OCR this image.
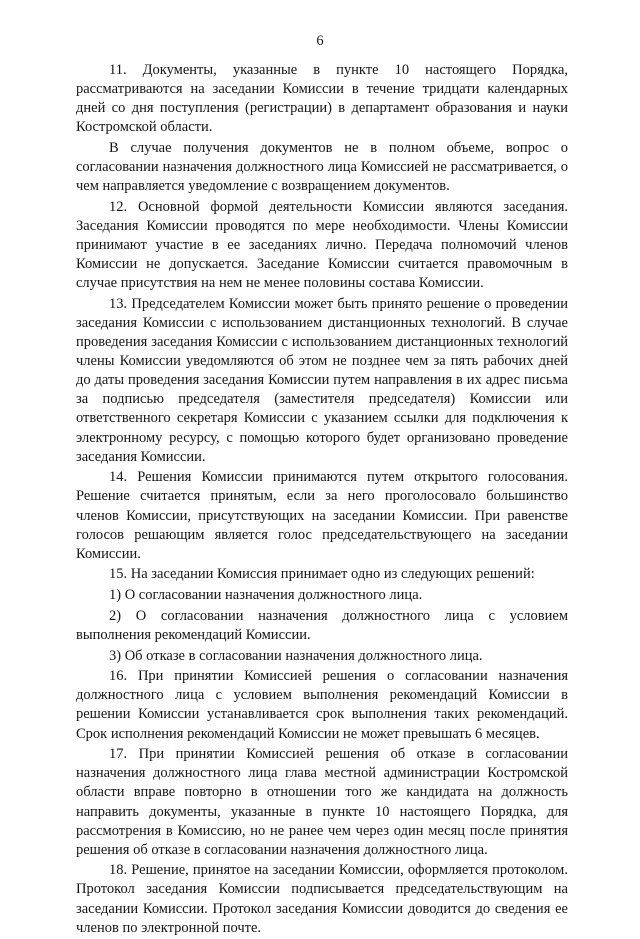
6

11. Документы, указанные в пункте 10 настоящего Порядка, рассматриваются на заседании Комиссии в течение тридцати календарных дней со дня поступления (регистрации) в департамент образования и науки Костромской области.

В случае получения документов не в полном объеме, вопрос о согласовании назначения должностного лица Комиссией не рассматривается, о чем направляется уведомление с возвращением документов.

12. Основной формой деятельности Комиссии являются заседания. Заседания Комиссии проводятся по мере необходимости. Члены Комиссии принимают участие в ее заседаниях лично. Передача полномочий членов Комиссии не допускается. Заседание Комиссии считается правомочным в случае присутствия на нем не менее половины состава Комиссии.

13. Председателем Комиссии может быть принято решение о проведении заседания Комиссии с использованием дистанционных технологий. В случае проведения заседания Комиссии с использованием дистанционных технологий члены Комиссии уведомляются об этом не позднее чем за пять рабочих дней до даты проведения заседания Комиссии путем направления в их адрес письма за подписью председателя (заместителя председателя) Комиссии или ответственного секретаря Комиссии с указанием ссылки для подключения к электронному ресурсу, с помощью которого будет организовано проведение заседания Комиссии.

14. Решения Комиссии принимаются путем открытого голосования. Решение считается принятым, если за него проголосовало большинство членов Комиссии, присутствующих на заседании Комиссии. При равенстве голосов решающим является голос председательствующего на заседании Комиссии.

15. На заседании Комиссия принимает одно из следующих решений:

1) О согласовании назначения должностного лица.

2) О согласовании назначения должностного лица с условием выполнения рекомендаций Комиссии.

3) Об отказе в согласовании назначения должностного лица.

16. При принятии Комиссией решения о согласовании назначения должностного лица с условием выполнения рекомендаций Комиссии в решении Комиссии устанавливается срок выполнения таких рекомендаций. Срок исполнения рекомендаций Комиссии не может превышать 6 месяцев.

17. При принятии Комиссией решения об отказе в согласовании назначения должностного лица глава местной администрации Костромской области вправе повторно в отношении того же кандидата на должность направить документы, указанные в пункте 10 настоящего Порядка, для рассмотрения в Комиссию, но не ранее чем через один месяц после принятия решения об отказе в согласовании назначения должностного лица.

18. Решение, принятое на заседании Комиссии, оформляется протоколом. Протокол заседания Комиссии подписывается председательствующим на заседании Комиссии. Протокол заседания Комиссии доводится до сведения ее членов по электронной почте.
